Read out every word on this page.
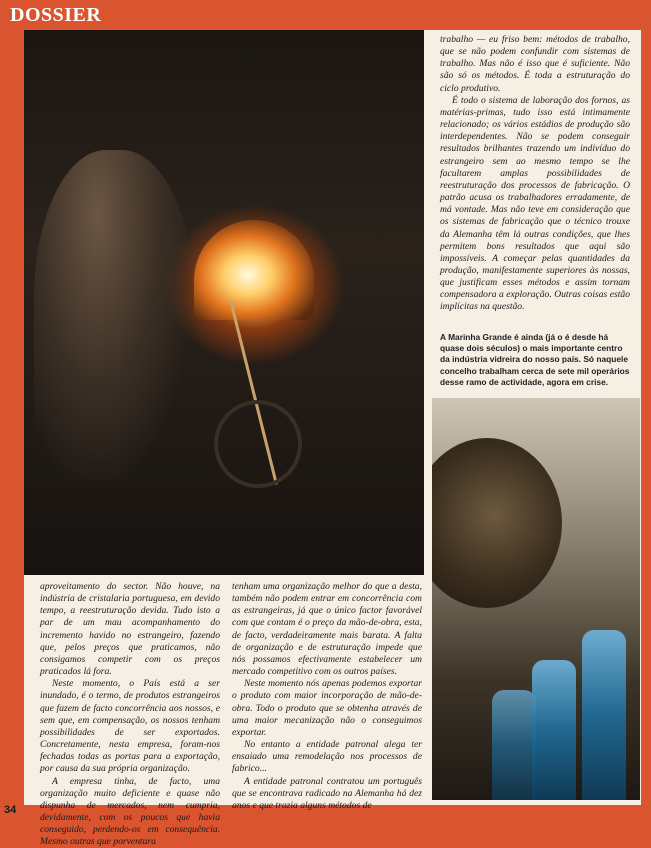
DOSSIER

trabalho — eu friso bem: métodos de trabalho, que se não podem confundir com sistemas de trabalho. Mas não é isso que é suficiente. Não são só os métodos. É toda a estruturação do ciclo produtivo.

É todo o sistema de laboração dos fornos, as matérias-primas, tudo isso está intimamente relacionado; os vários estádios de produção são interdependentes. Não se podem conseguir resultados brilhantes trazendo um indivíduo do estrangeiro sem ao mesmo tempo se lhe facultarem amplas possibilidades de reestruturação dos processos de fabricação. O patrão acusa os trabalhadores erradamente, de má vontade. Mas não teve em consideração que os sistemas de fabricação que o técnico trouxe da Alemanha têm lá outras condições, que lhes permitem bons resultados que aqui são impossíveis. A começar pelas quantidades da produção, manifestamente superiores às nossas, que justificam esses métodos e assim tornam compensadora a exploração. Outras coisas estão implícitas na questão.

A Marinha Grande é ainda (já o é desde há quase dois séculos) o mais importante centro da indústria vidreira do nosso país. Só naquele concelho trabalham cerca de sete mil operários desse ramo de actividade, agora em crise.

aproveitamento do sector. Não houve, na indústria de cristalaria portuguesa, em devido tempo, a reestruturação devida. Tudo isto a par de um mau acompanhamento do incremento havido no estrangeiro, fazendo que, pelos preços que praticamos, não consigamos competir com os preços praticados lá fora.

Neste momento, o País está a ser inundado, é o termo, de produtos estrangeiros que fazem de facto concorrência aos nossos, e sem que, em compensação, os nossos tenham possibilidades de ser exportados. Concretamente, nesta empresa, foram-nos fechadas todas as portas para a exportação, por causa da sua própria organização.

A empresa tinha, de facto, uma organização muito deficiente e quase não dispunha de mercados, nem cumpria, devidamente, com os poucos que havia conseguido, perdendo-os em consequência. Mesmo outras que porventura

tenham uma organização melhor do que a desta, também não podem entrar em concorrência com as estrangeiras, já que o único factor favorável com que contam é o preço da mão-de-obra, esta, de facto, verdadeiramente mais barata. A falta de organização e de estruturação impede que nós possamos efectivamente estabelecer um mercado competitivo com os outros países.

Neste momento nós apenas podemos exportar o produto com maior incorporação de mão-de-obra. Todo o produto que se obtenha através de uma maior mecanização não o conseguimos exportar.

No entanto a entidade patronal alega ter ensaiado uma remodelação nos processos de fabrico...

A entidade patronal contratou um português que se encontrava radicado na Alemanha há dez anos e que trazia alguns métodos de

34
